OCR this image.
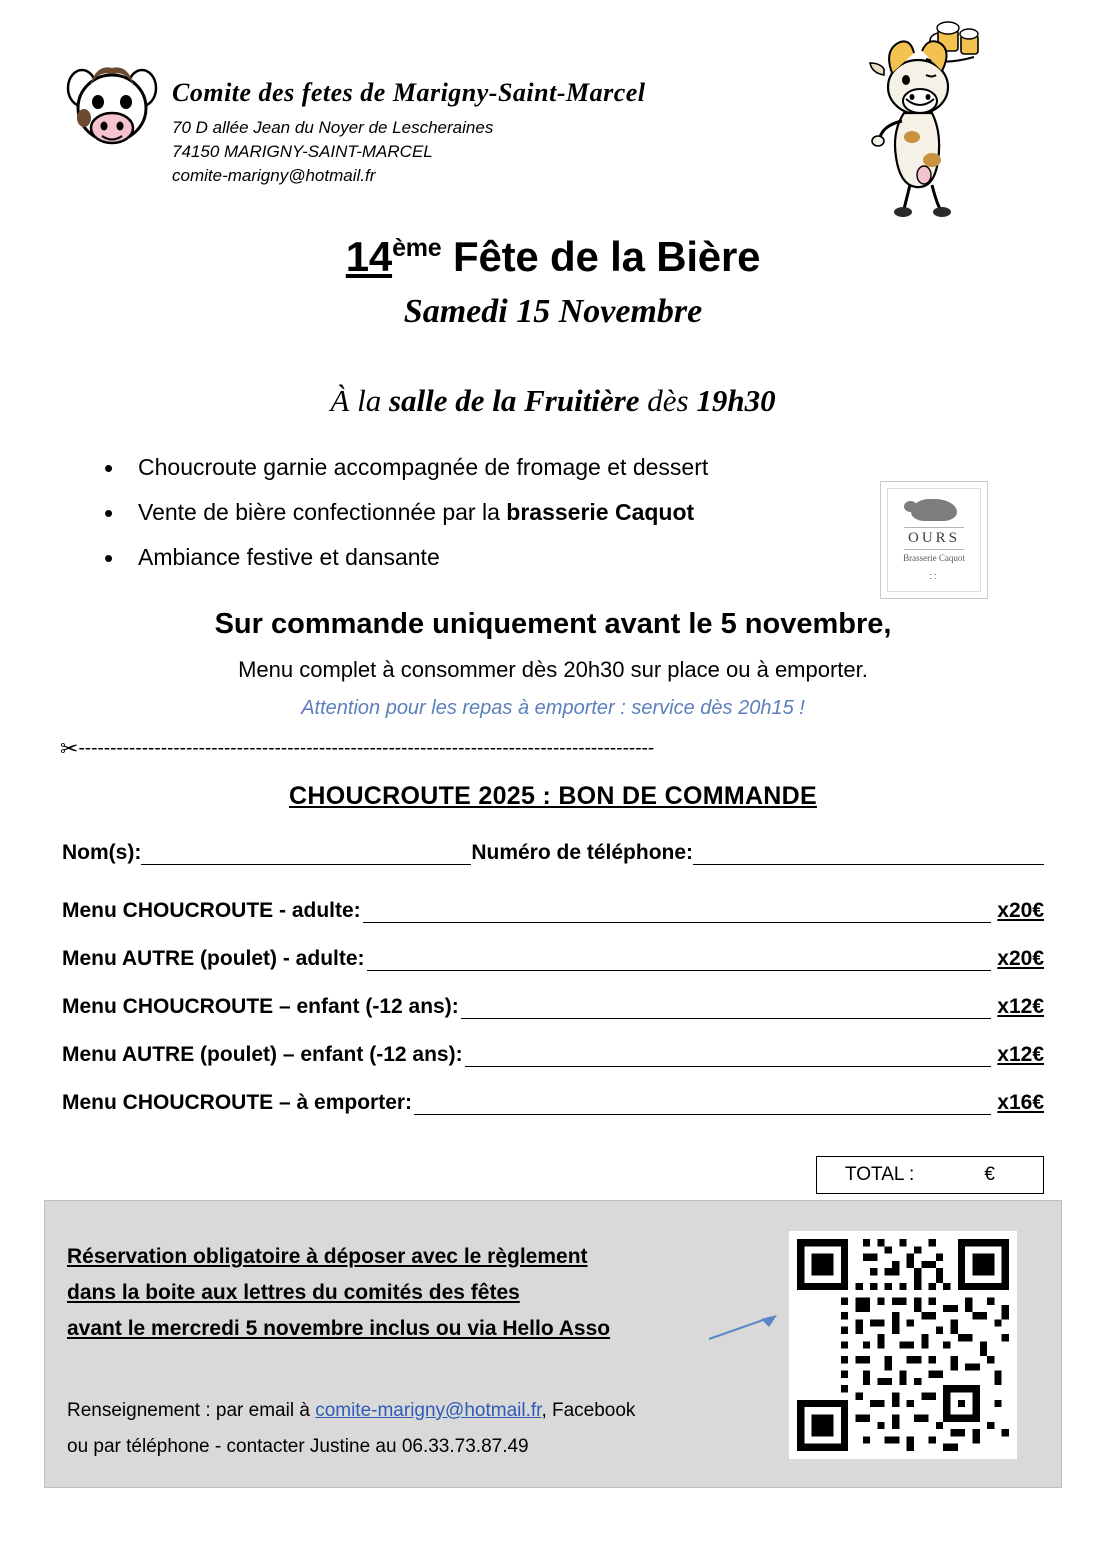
Comite des fetes de Marigny-Saint-Marcel
70 D allée Jean du Noyer de Lescheraines
74150 MARIGNY-SAINT-MARCEL
comite-marigny@hotmail.fr
14ème Fête de la Bière
Samedi 15 Novembre
À la salle de la Fruitière dès 19h30
• Choucroute garnie accompagnée de fromage et dessert
• Vente de bière confectionnée par la brasserie Caquot
• Ambiance festive et dansante
OURS
Brasserie Caquot
::
Sur commande uniquement avant le 5 novembre,
Menu complet à consommer dès 20h30 sur place ou à emporter.
Attention pour les repas à emporter : service dès 20h15 !
✂-------------------------------------------------------------------------------------------
CHOUCROUTE 2025 : BON DE COMMANDE
Nom(s):	Numéro de téléphone :
Menu CHOUCROUTE - adulte :	x20€
Menu AUTRE (poulet) - adulte :	x20€
Menu CHOUCROUTE – enfant (-12 ans) :	x12€
Menu AUTRE (poulet) – enfant (-12 ans) :	x12€
Menu CHOUCROUTE – à emporter :	x16€
TOTAL :	€
Réservation obligatoire à déposer avec le règlement
dans la boite aux lettres du comités des fêtes
avant le mercredi 5 novembre inclus ou via Hello Asso
Renseignement : par email à comite-marigny@hotmail.fr, Facebook
ou par téléphone - contacter Justine au 06.33.73.87.49
